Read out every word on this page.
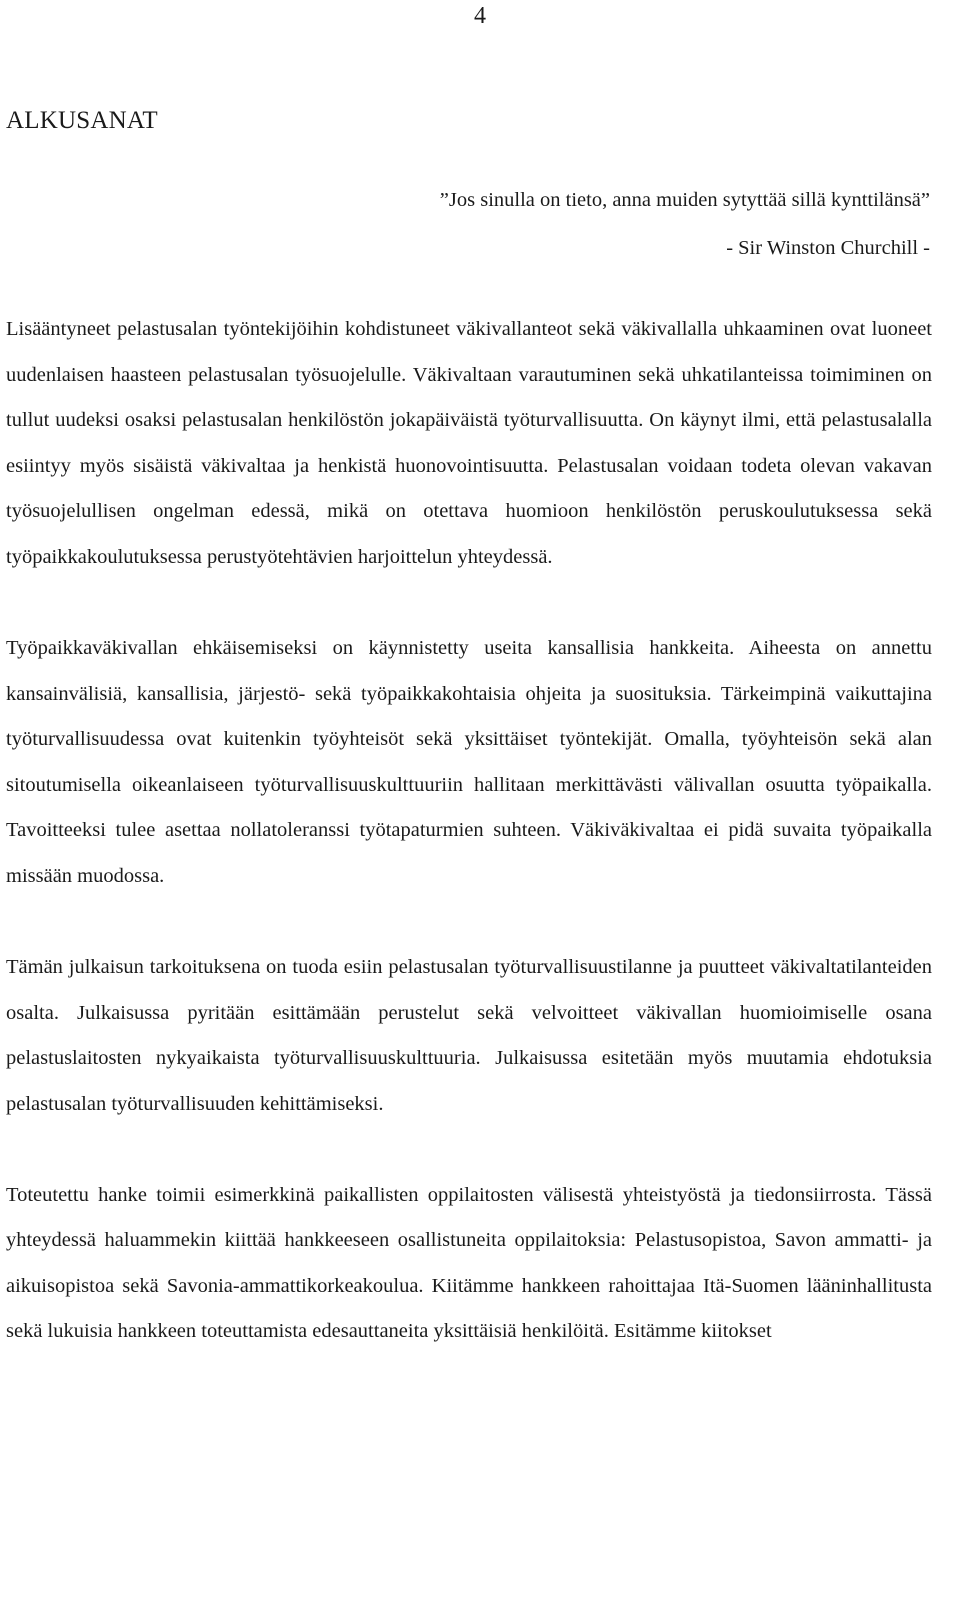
4
ALKUSANAT
”Jos sinulla on tieto, anna muiden sytyttää sillä kynttilänsä”
- Sir Winston Churchill -

Lisääntyneet pelastusalan työntekijöihin kohdistuneet väkivallanteot sekä väkivallalla uhkaaminen ovat luoneet uudenlaisen haasteen pelastusalan työsuojelulle. Väkivaltaan varautuminen sekä uhkatilanteissa toimiminen on tullut uudeksi osaksi pelastusalan henkilöstön jokapäiväistä työturvallisuutta. On käynyt ilmi, että pelastusalalla esiintyy myös sisäistä väkivaltaa ja henkistä huonovointisuutta. Pelastusalan voidaan todeta olevan vakavan työsuojelullisen ongelman edessä, mikä on otettava huomioon henkilöstön peruskoulutuksessa sekä työpaikkakoulutuksessa perustyötehtävien harjoittelun yhteydessä.

Työpaikkaväkivallan ehkäisemiseksi on käynnistetty useita kansallisia hankkeita. Aiheesta on annettu kansainvälisiä, kansallisia, järjestö- sekä työpaikkakohtaisia ohjeita ja suosituksia. Tärkeimpinä vaikuttajina työturvallisuudessa ovat kuitenkin työyhteisöt sekä yksittäiset työntekijät. Omalla, työyhteisön sekä alan sitoutumisella oikeanlaiseen työturvallisuuskulttuuriin hallitaan merkittävästi välivallan osuutta työpaikalla. Tavoitteeksi tulee asettaa nollatoleranssi työtapaturmien suhteen. Väkiväkivaltaa ei pidä suvaita työpaikalla missään muodossa.

Tämän julkaisun tarkoituksena on tuoda esiin pelastusalan työturvallisuustilanne ja puutteet väkivaltatilanteiden osalta. Julkaisussa pyritään esittämään perustelut sekä velvoitteet väkivallan huomioimiselle osana pelastuslaitosten nykyaikaista työturvallisuuskulttuuria. Julkaisussa esitetään myös muutamia ehdotuksia pelastusalan työturvallisuuden kehittämiseksi.

Toteutettu hanke toimii esimerkkinä paikallisten oppilaitosten välisestä yhteistyöstä ja tiedonsiirrosta. Tässä yhteydessä haluammekin kiittää hankkeeseen osallistuneita oppilaitoksia: Pelastusopistoa, Savon ammatti- ja aikuisopistoa sekä Savonia-ammattikorkeakoulua. Kiitämme hankkeen rahoittajaa Itä-Suomen lääninhallitusta sekä lukuisia hankkeen toteuttamista edesauttaneita yksittäisiä henkilöitä. Esitämme kiitokset
